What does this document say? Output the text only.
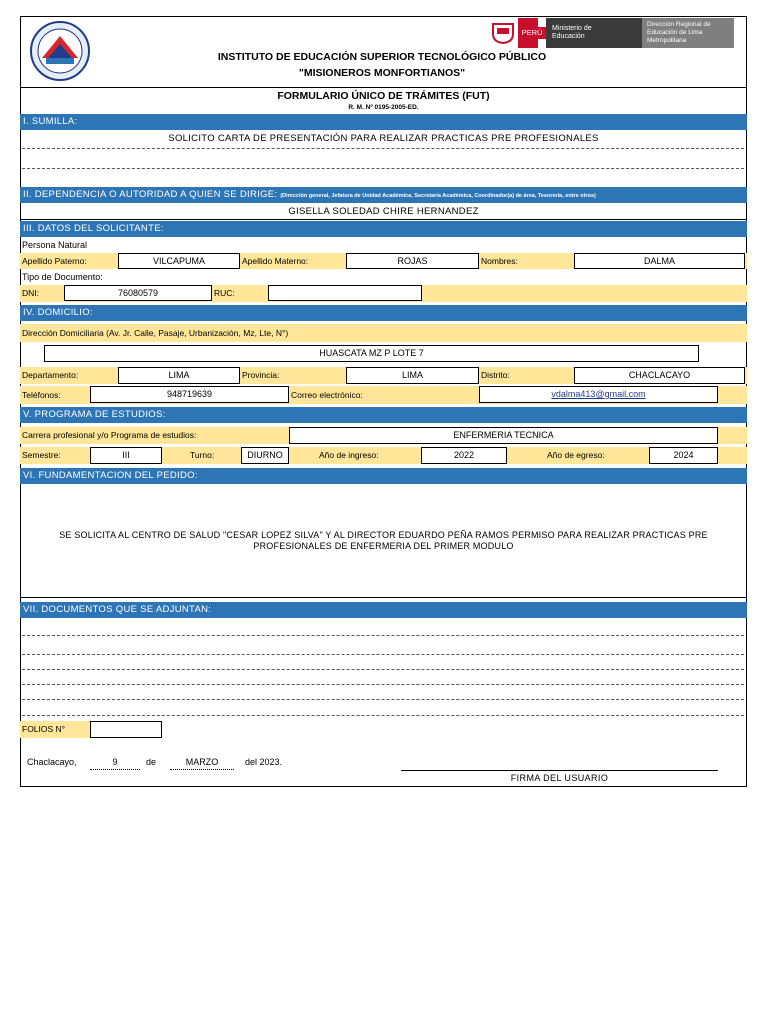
PERÚ	Ministerio de Educación
Dirección Regional de Educación de Lima Metropolitana
INSTITUTO DE EDUCACIÓN SUPERIOR TECNOLÓGICO PÚBLICO
"MISIONEROS MONFORTIANOS"
FORMULARIO ÚNICO DE TRÁMITES (FUT)
R. M. Nº 0195-2005-ED.
I. SUMILLA:
SOLICITO CARTA DE PRESENTACIÓN PARA REALIZAR PRACTICAS PRE PROFESIONALES
II. DEPENDENCIA O AUTORIDAD A QUIEN SE DIRIGE: (Dirección general, Jefatura de Unidad Académica, Secretaría Académica, Coordinador(a) de área, Tesorería, entre otros)
GISELLA SOLEDAD CHIRE HERNANDEZ
III. DATOS DEL SOLICITANTE:
Persona Natural
Apellido Paterno:	VILCAPUMA	Apellido Materno:	ROJAS	Nombres:	DALMA
Tipo de Documento:
DNI:	76080579	RUC:
IV. DOMICILIO:
Dirección Domiciliaria (Av. Jr. Calle, Pasaje, Urbanización, Mz, Lte, N°)
HUASCATA MZ P LOTE 7
Departamento:	LIMA	Provincia:	LIMA	Distrito:	CHACLACAYO
Teléfonos:	948719639	Correo electrónico:	vdalma413@gmail.com
V. PROGRAMA DE ESTUDIOS:
Carrera profesional y/o Programa de estudios:	ENFERMERIA TECNICA
Semestre:	III	Turno:	DIURNO	Año de ingreso:	2022	Año de egreso:	2024
VI. FUNDAMENTACION DEL PEDIDO:
SE SOLICITA AL CENTRO DE SALUD "CESAR LOPEZ SILVA" Y AL DIRECTOR EDUARDO PEÑA RAMOS PERMISO PARA REALIZAR PRACTICAS PRE
PROFESIONALES DE ENFERMERIA DEL PRIMER MODULO
VII. DOCUMENTOS QUE SE ADJUNTAN:
FOLIOS N°
Chaclacayo,	9	de	MARZO	del 2023.
FIRMA DEL USUARIO
